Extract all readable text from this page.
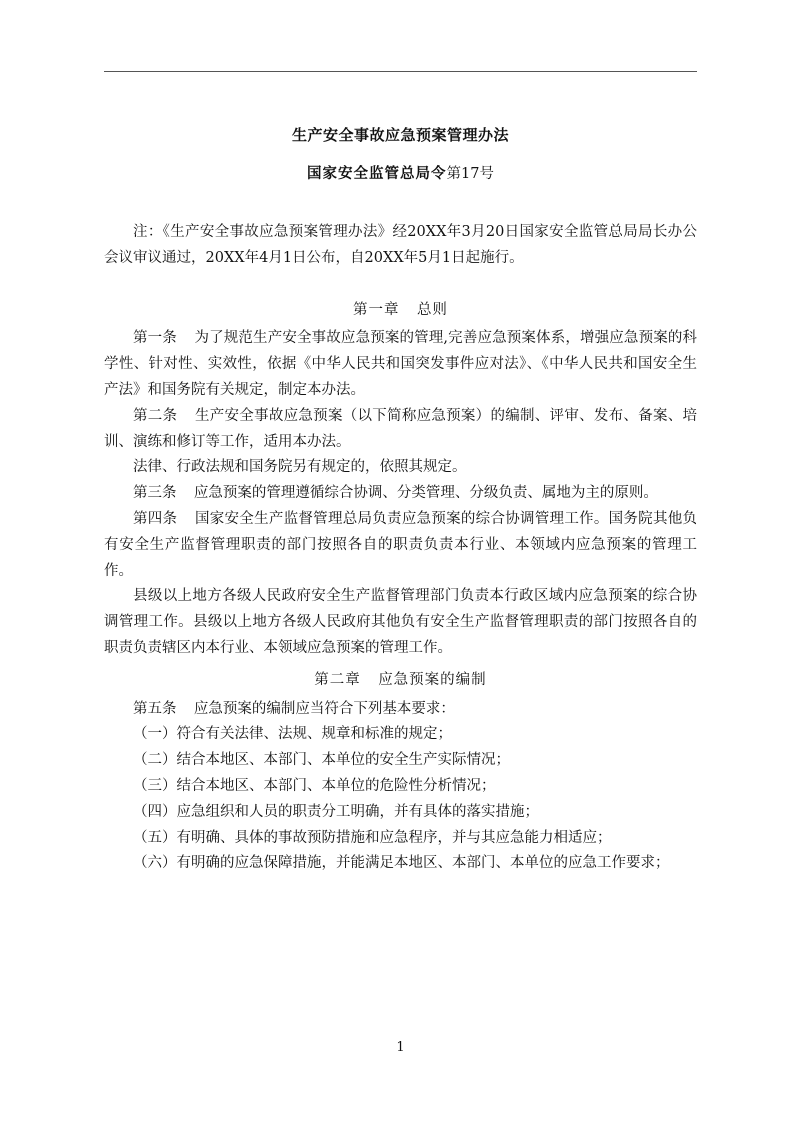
生产安全事故应急预案管理办法
国家安全监管总局令第17号

注：《生产安全事故应急预案管理办法》经20XX年3月20日国家安全监管总局局长办公会议审议通过，20XX年4月1日公布，自20XX年5月1日起施行。

第一章 总则

第一条 为了规范生产安全事故应急预案的管理,完善应急预案体系，增强应急预案的科学性、针对性、实效性，依据《中华人民共和国突发事件应对法》、《中华人民共和国安全生产法》和国务院有关规定，制定本办法。

第二条 生产安全事故应急预案（以下简称应急预案）的编制、评审、发布、备案、培训、演练和修订等工作，适用本办法。

法律、行政法规和国务院另有规定的，依照其规定。

第三条 应急预案的管理遵循综合协调、分类管理、分级负责、属地为主的原则。

第四条 国家安全生产监督管理总局负责应急预案的综合协调管理工作。国务院其他负有安全生产监督管理职责的部门按照各自的职责负责本行业、本领域内应急预案的管理工作。

县级以上地方各级人民政府安全生产监督管理部门负责本行政区域内应急预案的综合协调管理工作。县级以上地方各级人民政府其他负有安全生产监督管理职责的部门按照各自的职责负责辖区内本行业、本领域应急预案的管理工作。

第二章 应急预案的编制

第五条 应急预案的编制应当符合下列基本要求：

（一）符合有关法律、法规、规章和标准的规定；

（二）结合本地区、本部门、本单位的安全生产实际情况；

（三）结合本地区、本部门、本单位的危险性分析情况；

（四）应急组织和人员的职责分工明确，并有具体的落实措施；

（五）有明确、具体的事故预防措施和应急程序，并与其应急能力相适应；

（六）有明确的应急保障措施，并能满足本地区、本部门、本单位的应急工作要求；

1
